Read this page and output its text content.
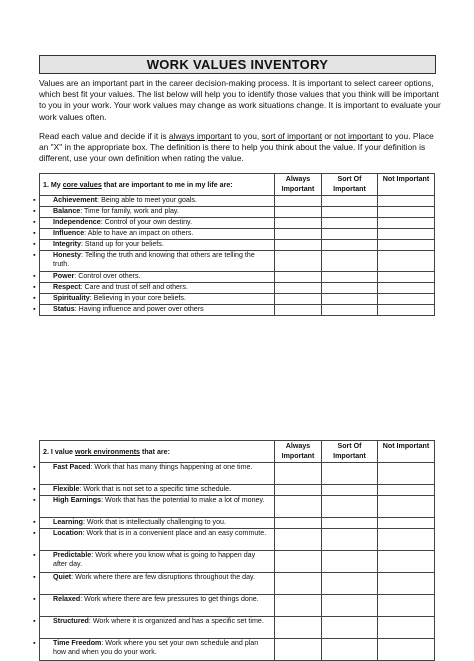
WORK VALUES INVENTORY

Values are an important part in the career decision-making process. It is important to select career options, which best fit your values. The list below will help you to identify those values that you think will be important to you in your work. Your work values may change as work situations change. It is important to evaluate your work values often.

Read each value and decide if it is always important to you, sort of important or not important to you. Place an "X" in the appropriate box. The definition is there to help you think about the value. If your definition is different, use your own definition when rating the value.

1. My core values that are important to me in my life are:	Always Important	Sort Of Important	Not Important

▪ Achievement: Being able to meet your goals.			

▪ Balance: Time for family, work and play.			

▪ Independence: Control of your own destiny.			

▪ Influence: Able to have an impact on others.			

▪ Integrity: Stand up for your beliefs.			

▪ Honesty: Telling the truth and knowing that others are telling the truth.			

▪ Power: Control over others.			

▪ Respect: Care and trust of self and others.			

▪ Spirituality: Believing in your core beliefs.			

▪ Status: Having influence and power over others			

2. I value work environments that are:	Always Important	Sort Of Important	Not Important

▪ Fast Paced: Work that has many things happening at one time.			

▪ Flexible: Work that is not set to a specific time schedule.			

▪ High Earnings: Work that has the potential to make a lot of money.			

▪ Learning: Work that is intellectually challenging to you.			

▪ Location: Work that is in a convenient place and an easy commute.			

▪ Predictable: Work where you know what is going to happen day after day.			

▪ Quiet: Work where there are few disruptions throughout the day.			

▪ Relaxed: Work where there are few pressures to get things done.			

▪ Structured: Work where it is organized and has a specific set time.			

▪ Time Freedom: Work where you set your own schedule and plan how and when you do your work.			
